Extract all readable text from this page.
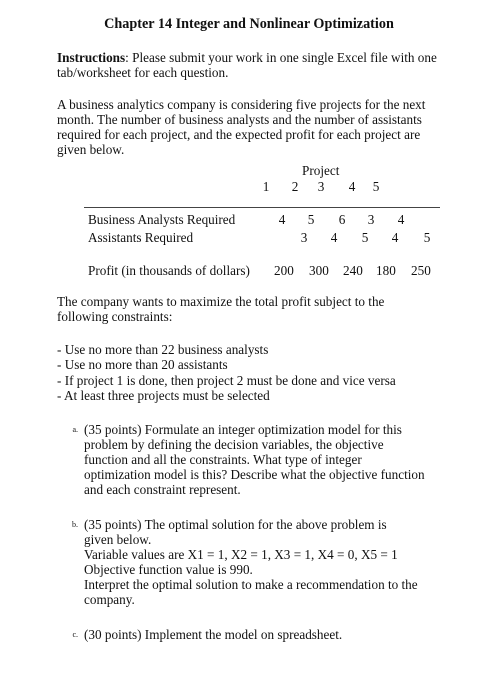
Chapter 14 Integer and Nonlinear Optimization
Instructions: Please submit your work in one single Excel file with one tab/worksheet for each question.
A business analytics company is considering five projects for the next month. The number of business analysts and the number of assistants required for each project, and the expected profit for each project are given below.
Project
1	2	3	4	5
Business Analysts Required	4	5	6	3	4
Assistants Required	3	4	5	4	5
Profit (in thousands of dollars) 200 300 240 180 250
The company wants to maximize the total profit subject to the following constraints:
- Use no more than 22 business analysts
- Use no more than 20 assistants
- If project 1 is done, then project 2 must be done and vice versa
- At least three projects must be selected
a. (35 points) Formulate an integer optimization model for this problem by defining the decision variables, the objective function and all the constraints. What type of integer optimization model is this? Describe what the objective function and each constraint represent.
b. (35 points) The optimal solution for the above problem is given below.
Variable values are X1 = 1, X2 = 1, X3 = 1, X4 = 0, X5 = 1
Objective function value is 990.
Interpret the optimal solution to make a recommendation to the company.
c. (30 points) Implement the model on spreadsheet.
